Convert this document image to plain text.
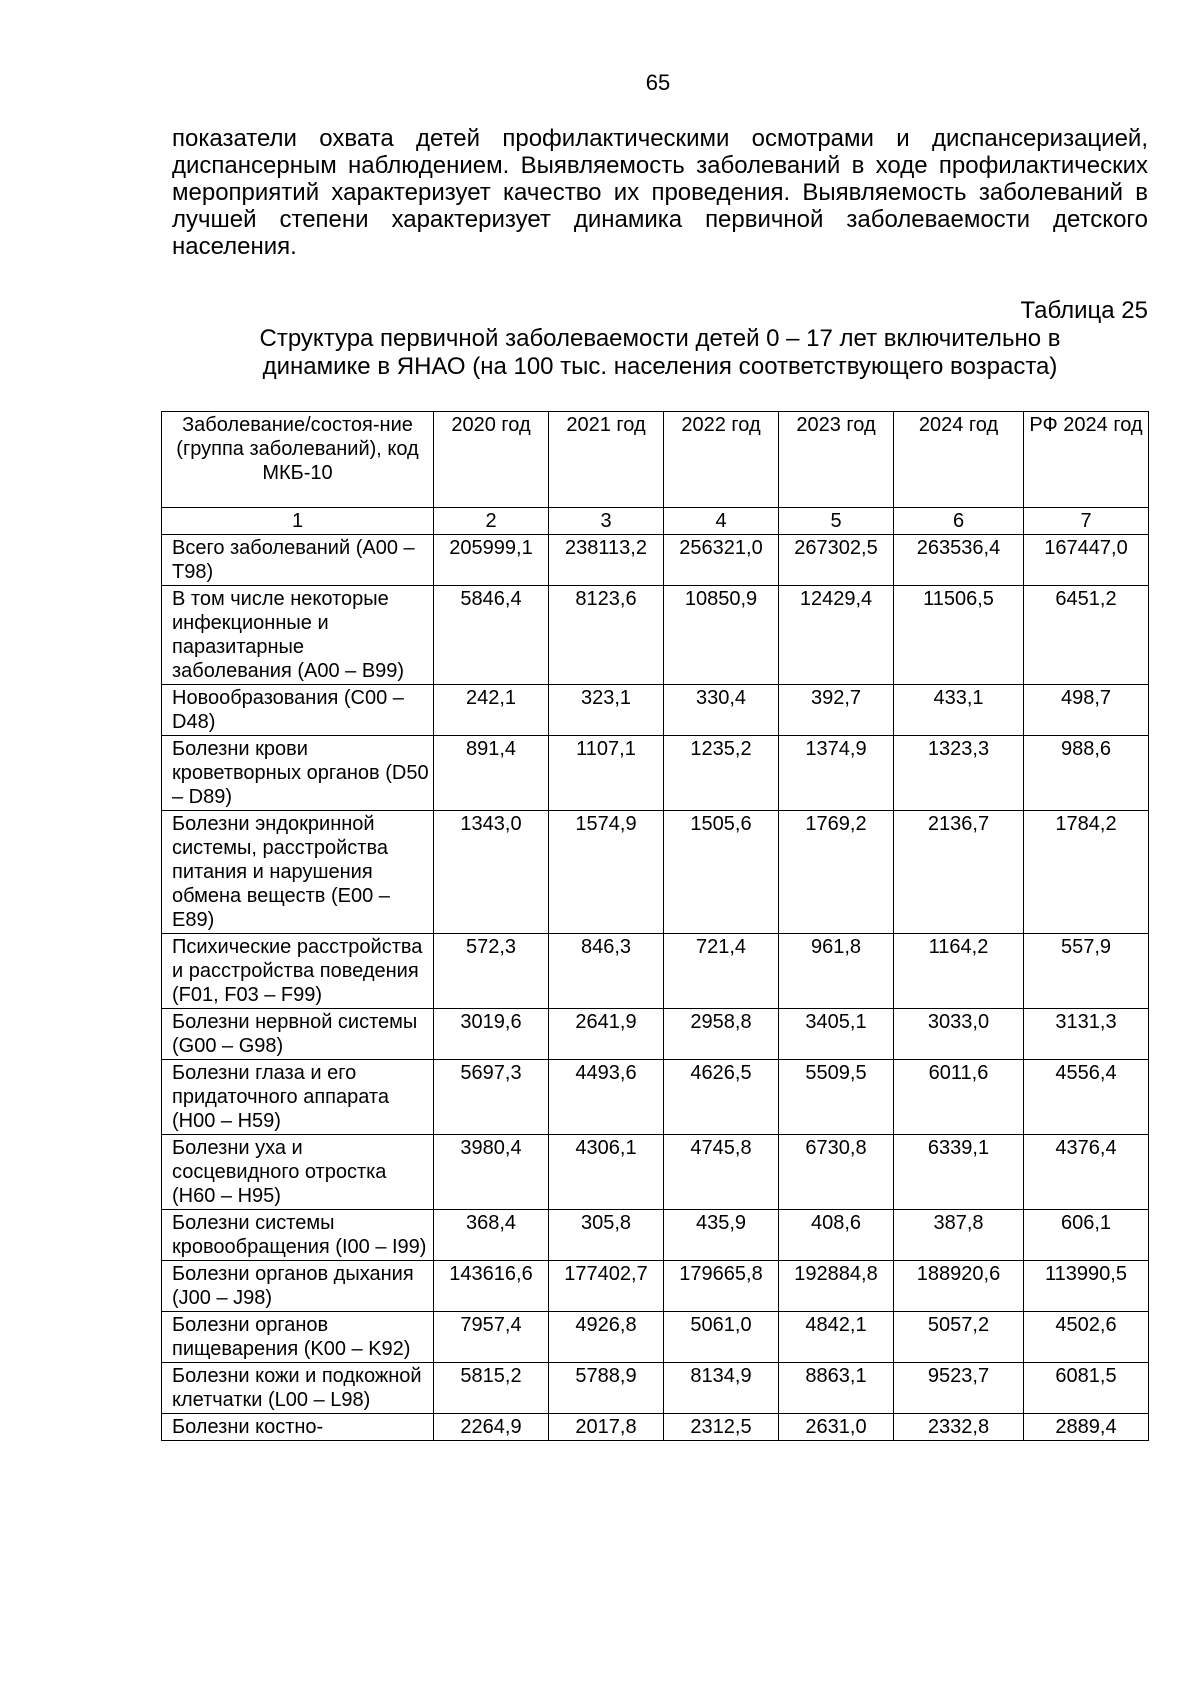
65

показатели охвата детей профилактическими осмотрами и диспансеризацией, диспансерным наблюдением. Выявляемость заболеваний в ходе профилактических мероприятий характеризует качество их проведения. Выявляемость заболеваний в лучшей степени характеризует динамика первичной заболеваемости детского населения.

Таблица 25
Структура первичной заболеваемости детей 0 – 17 лет включительно в
динамике в ЯНАО (на 100 тыс. населения соответствующего возраста)
Заболевание/состоя-ние (группа заболеваний), код МКБ-10	2020 год	2021 год	2022 год	2023 год	2024 год	РФ 2024 год
1	2	3	4	5	6	7
Всего заболеваний (A00 – T98)	205999,1	238113,2	256321,0	267302,5	263536,4	167447,0
В том числе некоторые инфекционные и паразитарные заболевания (A00 – B99)	5846,4	8123,6	10850,9	12429,4	11506,5	6451,2
Новообразования (C00 – D48)	242,1	323,1	330,4	392,7	433,1	498,7
Болезни крови кроветворных органов (D50 – D89)	891,4	1107,1	1235,2	1374,9	1323,3	988,6
Болезни эндокринной системы, расстройства питания и нарушения обмена веществ (E00 – E89)	1343,0	1574,9	1505,6	1769,2	2136,7	1784,2
Психические расстройства и расстройства поведения (F01, F03 – F99)	572,3	846,3	721,4	961,8	1164,2	557,9
Болезни нервной системы (G00 – G98)	3019,6	2641,9	2958,8	3405,1	3033,0	3131,3
Болезни глаза и его придаточного аппарата (H00 – H59)	5697,3	4493,6	4626,5	5509,5	6011,6	4556,4
Болезни уха и сосцевидного отростка (H60 – H95)	3980,4	4306,1	4745,8	6730,8	6339,1	4376,4
Болезни системы кровообращения (I00 – I99)	368,4	305,8	435,9	408,6	387,8	606,1
Болезни органов дыхания (J00 – J98)	143616,6	177402,7	179665,8	192884,8	188920,6	113990,5
Болезни органов пищеварения (K00 – K92)	7957,4	4926,8	5061,0	4842,1	5057,2	4502,6
Болезни кожи и подкожной клетчатки (L00 – L98)	5815,2	5788,9	8134,9	8863,1	9523,7	6081,5
Болезни костно-	2264,9	2017,8	2312,5	2631,0	2332,8	2889,4
